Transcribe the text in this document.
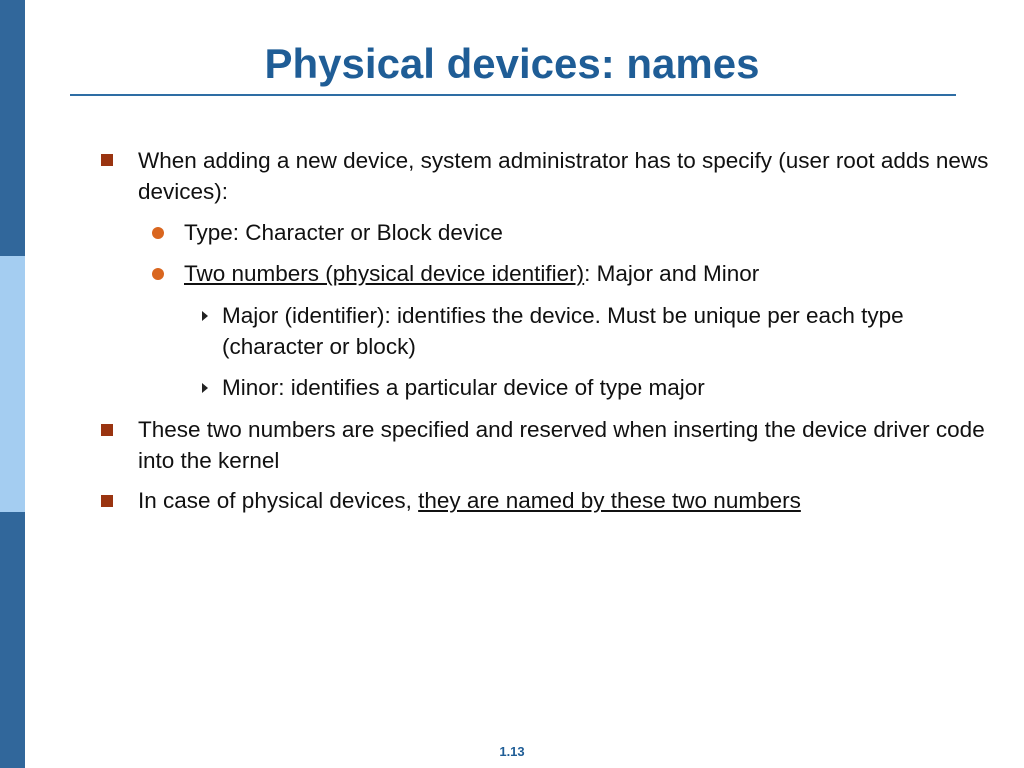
Physical devices: names
When adding a new device, system administrator has to specify (user root adds news devices):
Type: Character or Block device
Two numbers (physical device identifier): Major and Minor
Major (identifier): identifies the device. Must be unique per each type (character or block)
Minor: identifies a particular device of type major
These two numbers are specified and reserved when inserting the device driver code into the kernel
In case of physical devices, they are named by these two numbers
1.13
